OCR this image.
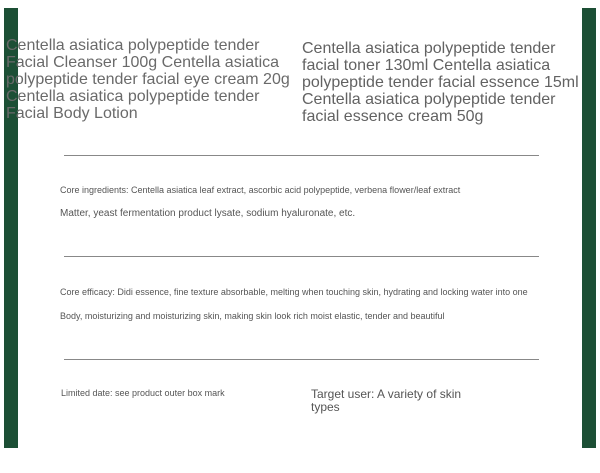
Centella asiatica polypeptide tender Facial Cleanser 100g Centella asiatica polypeptide tender facial eye cream 20g Centella asiatica polypeptide tender Facial Body Lotion
Centella asiatica polypeptide tender facial toner 130ml Centella asiatica polypeptide tender facial essence 15ml Centella asiatica polypeptide tender facial essence cream 50g
Core ingredients: Centella asiatica leaf extract, ascorbic acid polypeptide, verbena flower/leaf extract
Matter, yeast fermentation product lysate, sodium hyaluronate, etc.
Core efficacy: Didi essence, fine texture absorbable, melting when touching skin, hydrating and locking water into one
Body, moisturizing and moisturizing skin, making skin look rich moist elastic, tender and beautiful
Limited date: see product outer box mark	Target user: A variety of skin types
